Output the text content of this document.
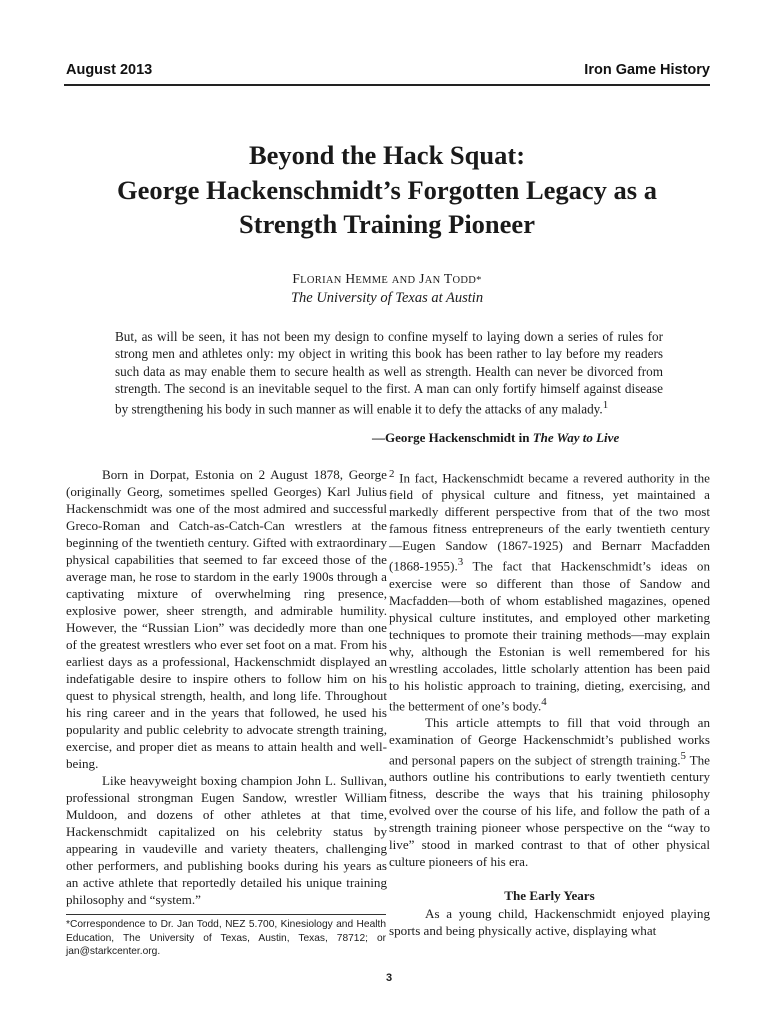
August 2013	Iron Game History
Beyond the Hack Squat:
George Hackenschmidt’s Forgotten Legacy as a
Strength Training Pioneer
FLORIAN HEMME AND JAN TODD*
The University of Texas at Austin

But, as will be seen, it has not been my design to confine myself to laying down a series of rules for strong men and athletes only: my object in writing this book has been rather to lay before my readers such data as may enable them to secure health as well as strength. Health can never be divorced from strength. The second is an inevitable sequel to the first. A man can only fortify himself against disease by strengthening his body in such manner as will enable it to defy the attacks of any malady.$^1$

—George Hackenschmidt in The Way to Live

Born in Dorpat, Estonia on 2 August 1878, George (originally Georg, sometimes spelled Georges) Karl Julius Hackenschmidt was one of the most admired and successful Greco-Roman and Catch-as-Catch-Can wrestlers at the beginning of the twentieth century. Gifted with extraordinary physical capabilities that seemed to far exceed those of the average man, he rose to stardom in the early 1900s through a captivating mixture of overwhelming ring presence, explosive power, sheer strength, and admirable humility. However, the “Russian Lion” was decidedly more than one of the greatest wrestlers who ever set foot on a mat. From his earliest days as a professional, Hackenschmidt displayed an indefatigable desire to inspire others to follow him on his quest to physical strength, health, and long life. Throughout his ring career and in the years that followed, he used his popularity and public celebrity to advocate strength training, exercise, and proper diet as means to attain health and well-being.

Like heavyweight boxing champion John L. Sullivan, professional strongman Eugen Sandow, wrestler William Muldoon, and dozens of other athletes at that time, Hackenschmidt capitalized on his celebrity status by appearing in vaudeville and variety theaters, challenging other performers, and publishing books during his years as an active athlete that reportedly detailed his unique training philosophy and “system.”

$^2$ In fact, Hackenschmidt became a revered authority in the field of physical culture and fitness, yet maintained a markedly different perspective from that of the two most famous fitness entrepreneurs of the early twentieth century—Eugen Sandow (1867-1925) and Bernarr Macfadden (1868-1955).$^3$ The fact that Hackenschmidt’s ideas on exercise were so different than those of Sandow and Macfadden—both of whom established magazines, opened physical culture institutes, and employed other marketing techniques to promote their training methods—may explain why, although the Estonian is well remembered for his wrestling accolades, little scholarly attention has been paid to his holistic approach to training, dieting, exercising, and the betterment of one’s body.$^4$

This article attempts to fill that void through an examination of George Hackenschmidt’s published works and personal papers on the subject of strength training.$^5$ The authors outline his contributions to early twentieth century fitness, describe the ways that his training philosophy evolved over the course of his life, and follow the path of a strength training pioneer whose perspective on the “way to live” stood in marked contrast to that of other physical culture pioneers of his era.

The Early Years

As a young child, Hackenschmidt enjoyed playing sports and being physically active, displaying what

*Correspondence to Dr. Jan Todd, NEZ 5.700, Kinesiology and Health Education, The University of Texas, Austin, Texas, 78712; or jan@starkcenter.org.

3
